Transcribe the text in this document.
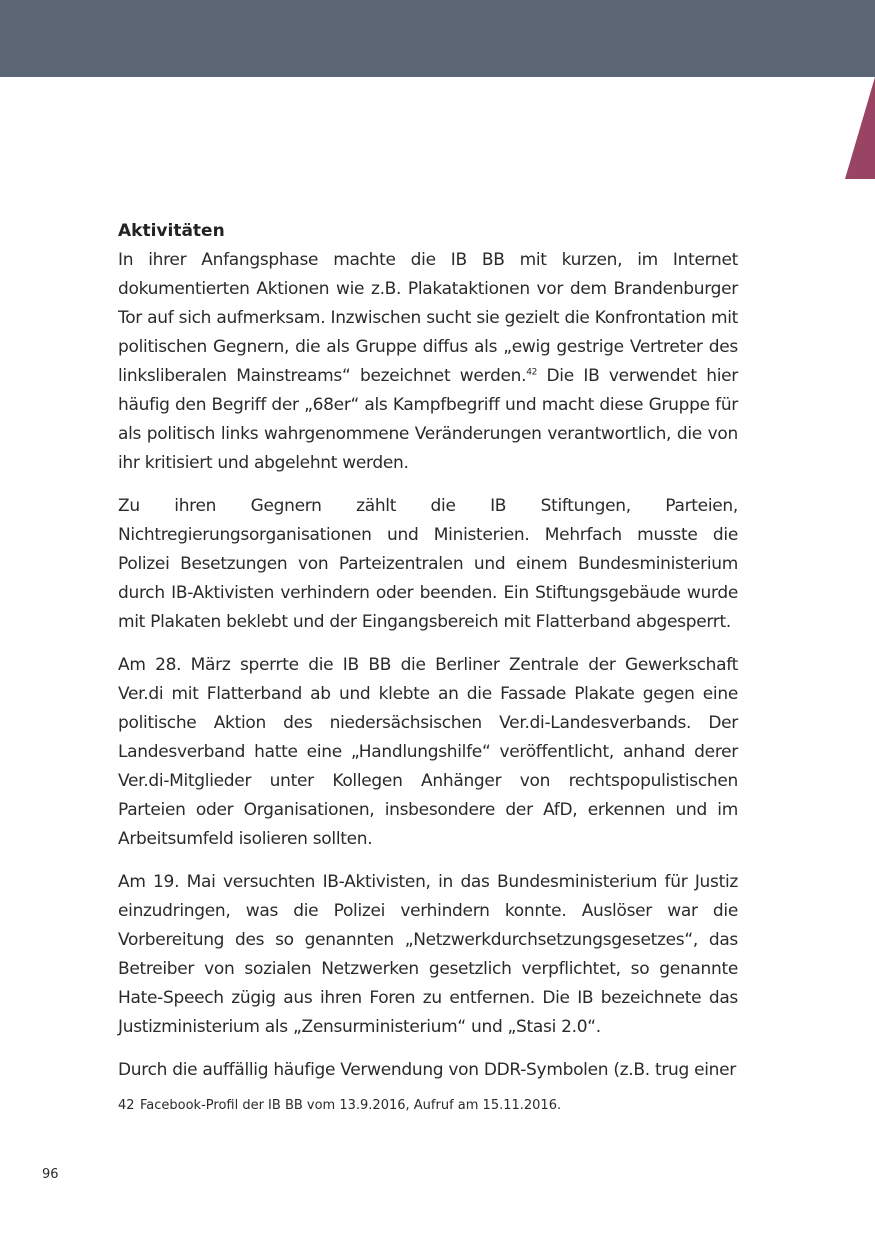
Aktivitäten

In ihrer Anfangsphase machte die IB BB mit kurzen, im Internet dokumentierten Aktionen wie z.B. Plakataktionen vor dem Brandenburger Tor auf sich aufmerksam. Inzwischen sucht sie gezielt die Konfrontation mit politischen Gegnern, die als Gruppe diffus als „ewig gestrige Vertreter des linksliberalen Mainstreams“ bezeichnet werden.$^{42}$ Die IB verwendet hier häufig den Begriff der „68er“ als Kampfbegriff und macht diese Gruppe für als politisch links wahrgenommene Veränderungen verantwortlich, die von ihr kritisiert und abgelehnt werden.

Zu ihren Gegnern zählt die IB Stiftungen, Parteien, Nichtregierungsorganisationen und Ministerien. Mehrfach musste die Polizei Besetzungen von Parteizentralen und einem Bundesministerium durch IB-Aktivisten verhindern oder beenden. Ein Stiftungsgebäude wurde mit Plakaten beklebt und der Eingangsbereich mit Flatterband abgesperrt.

Am 28. März sperrte die IB BB die Berliner Zentrale der Gewerkschaft Ver.di mit Flatterband ab und klebte an die Fassade Plakate gegen eine politische Aktion des niedersächsischen Ver.di-Landesverbands. Der Landesverband hatte eine „Handlungshilfe“ veröffentlicht, anhand derer Ver.di-Mitglieder unter Kollegen Anhänger von rechtspopulistischen Parteien oder Organisationen, insbesondere der AfD, erkennen und im Arbeitsumfeld isolieren sollten.

Am 19. Mai versuchten IB-Aktivisten, in das Bundesministerium für Justiz einzudringen, was die Polizei verhindern konnte. Auslöser war die Vorbereitung des so genannten „Netzwerkdurchsetzungsgesetzes“, das Betreiber von sozialen Netzwerken gesetzlich verpflichtet, so genannte Hate-Speech zügig aus ihren Foren zu entfernen. Die IB bezeichnete das Justizministerium als „Zensurministerium“ und „Stasi 2.0“.

Durch die auffällig häufige Verwendung von DDR-Symbolen (z.B. trug einer

42 Facebook-Profil der IB BB vom 13.9.2016, Aufruf am 15.11.2016.
96
